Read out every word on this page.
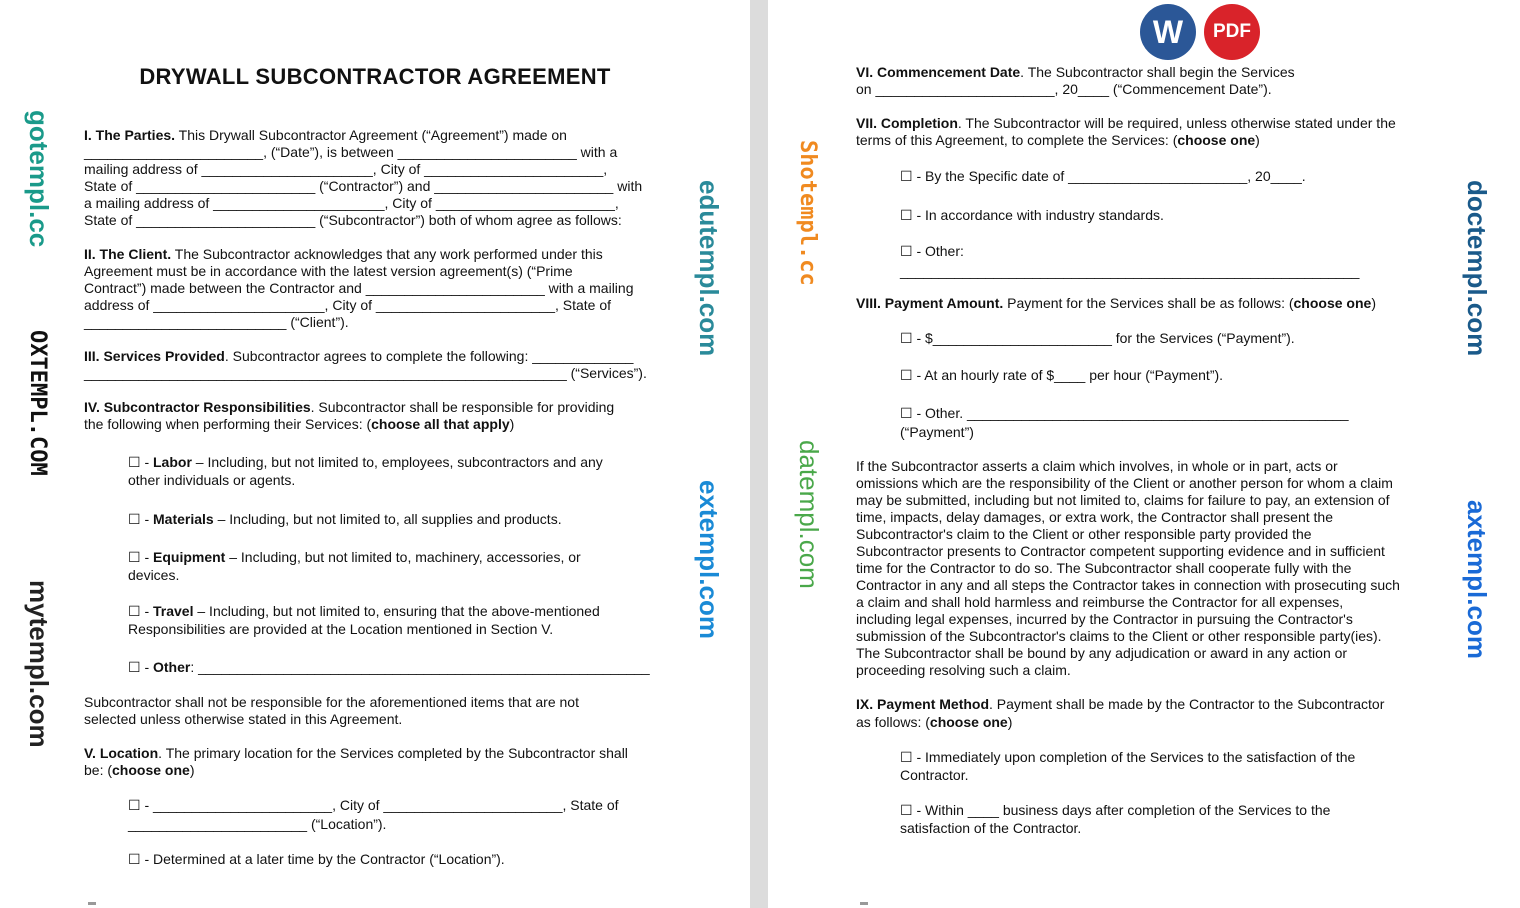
DRYWALL SUBCONTRACTOR AGREEMENT
I. The Parties. This Drywall Subcontractor Agreement (“Agreement”) made on
_______________________, (“Date”), is between _______________________ with a
mailing address of ______________________, City of _______________________,
State of _______________________ (“Contractor”) and _______________________ with
a mailing address of ______________________, City of _______________________,
State of _______________________ (“Subcontractor”) both of whom agree as follows:
II. The Client. The Subcontractor acknowledges that any work performed under this
Agreement must be in accordance with the latest version agreement(s) (“Prime
Contract”) made between the Contractor and _______________________ with a mailing
address of ______________________, City of _______________________, State of
__________________________ (“Client”).
III. Services Provided. Subcontractor agrees to complete the following: _____________
______________________________________________________________ (“Services”).
IV. Subcontractor Responsibilities. Subcontractor shall be responsible for providing
the following when performing their Services: (choose all that apply)
☐ - Labor – Including, but not limited to, employees, subcontractors and any
other individuals or agents.
☐ - Materials – Including, but not limited to, all supplies and products.
☐ - Equipment – Including, but not limited to, machinery, accessories, or
devices.
☐ - Travel – Including, but not limited to, ensuring that the above-mentioned
Responsibilities are provided at the Location mentioned in Section V.
☐ - Other: __________________________________________________________
Subcontractor shall not be responsible for the aforementioned items that are not
selected unless otherwise stated in this Agreement.
V. Location. The primary location for the Services completed by the Subcontractor shall
be: (choose one)
☐ - _______________________, City of _______________________, State of
_______________________ (“Location”).
☐ - Determined at a later time by the Contractor (“Location”).
VI. Commencement Date. The Subcontractor shall begin the Services
on _______________________, 20____ (“Commencement Date”).
VII. Completion. The Subcontractor will be required, unless otherwise stated under the
terms of this Agreement, to complete the Services: (choose one)
☐ - By the Specific date of _______________________, 20____.
☐ - In accordance with industry standards.
☐ - Other:
___________________________________________________________
VIII. Payment Amount. Payment for the Services shall be as follows: (choose one)
☐ - $_______________________ for the Services (“Payment”).
☐ - At an hourly rate of $____ per hour (“Payment”).
☐ - Other. _________________________________________________
(“Payment”)
If the Subcontractor asserts a claim which involves, in whole or in part, acts or
omissions which are the responsibility of the Client or another person for whom a claim
may be submitted, including but not limited to, claims for failure to pay, an extension of
time, impacts, delay damages, or extra work, the Contractor shall present the
Subcontractor's claim to the Client or other responsible party provided the
Subcontractor presents to Contractor competent supporting evidence and in sufficient
time for the Contractor to do so. The Subcontractor shall cooperate fully with the
Contractor in any and all steps the Contractor takes in connection with prosecuting such
a claim and shall hold harmless and reimburse the Contractor for all expenses,
including legal expenses, incurred by the Contractor in pursuing the Contractor's
submission of the Subcontractor's claims to the Client or other responsible party(ies).
The Subcontractor shall be bound by any adjudication or award in any action or
proceeding resolving such a claim.
IX. Payment Method. Payment shall be made by the Contractor to the Subcontractor
as follows: (choose one)
☐ - Immediately upon completion of the Services to the satisfaction of the
Contractor.
☐ - Within ____ business days after completion of the Services to the
satisfaction of the Contractor.
W PDF
gotempl.cc
OXTEMPL.COM
mytempl.com
edutempl.com
extempl.com
Shotempl.cc
datempl.com
doctempl.com
axtempl.com
